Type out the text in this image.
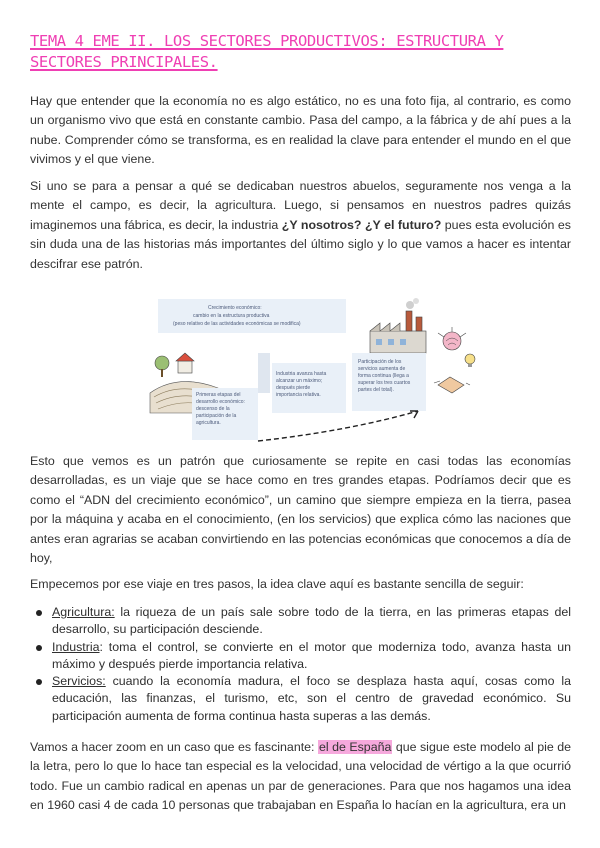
TEMA 4 EME II. LOS SECTORES PRODUCTIVOS: ESTRUCTURA Y SECTORES PRINCIPALES.

Hay que entender que la economía no es algo estático, no es una foto fija, al contrario, es como un organismo vivo que está en constante cambio. Pasa del campo, a la fábrica y de ahí pues a la nube. Comprender cómo se transforma, es en realidad la clave para entender el mundo en el que vivimos y el que viene.

Si uno se para a pensar a qué se dedicaban nuestros abuelos, seguramente nos venga a la mente el campo, es decir, la agricultura. Luego, si pensamos en nuestros padres quizás imaginemos una fábrica, es decir, la industria ¿Y nosotros? ¿Y el futuro? pues esta evolución es sin duda una de las historias más importantes del último siglo y lo que vamos a hacer es intentar descifrar ese patrón.

Crecimiento económico:
cambio en la estructura productiva
(peso relativo de las actividades económicas se modifica)
Primeras etapas del
desarrollo económico:
descenso de la
participación de la
agricultura.
Industria avanza hasta
alcanzar un máximo;
después pierde
importancia relativa.
Participación de los
servicios aumenta de
forma continua (llega a
superar los tres cuartos
partes del total).

Esto que vemos es un patrón que curiosamente se repite en casi todas las economías desarrolladas, es un viaje que se hace como en tres grandes etapas. Podríamos decir que es como el “ADN del crecimiento económico”, un camino que siempre empieza en la tierra, pasea por la máquina y acaba en el conocimiento, (en los servicios) que explica cómo las naciones que antes eran agrarias se acaban convirtiendo en las potencias económicas que conocemos a día de hoy,

Empecemos por ese viaje en tres pasos, la idea clave aquí es bastante sencilla de seguir:

Agricultura: la riqueza de un país sale sobre todo de la tierra, en las primeras etapas del desarrollo, su participación desciende.
Industria: toma el control, se convierte en el motor que moderniza todo, avanza hasta un máximo y después pierde importancia relativa.
Servicios: cuando la economía madura, el foco se desplaza hasta aquí, cosas como la educación, las finanzas, el turismo, etc, son el centro de gravedad económico. Su participación aumenta de forma continua hasta superas a las demás.

Vamos a hacer zoom en un caso que es fascinante: el de España que sigue este modelo al pie de la letra, pero lo que lo hace tan especial es la velocidad, una velocidad de vértigo a la que ocurrió todo. Fue un cambio radical en apenas un par de generaciones. Para que nos hagamos una idea en 1960 casi 4 de cada 10 personas que trabajaban en España lo hacían en la agricultura, era un
